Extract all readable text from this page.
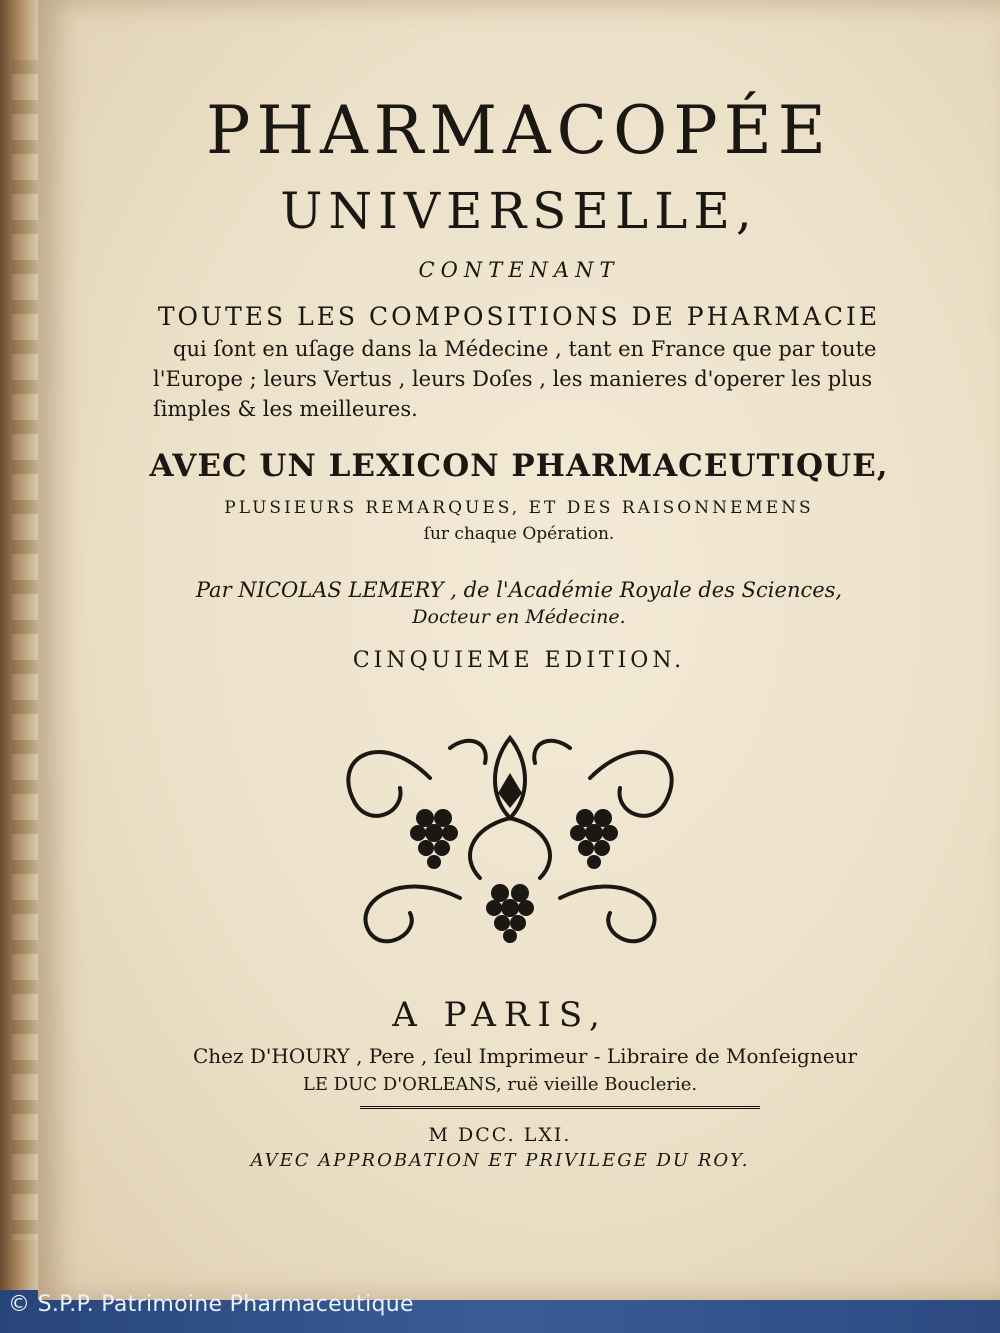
PHARMACOPÉE
UNIVERSELLE,
CONTENANT
TOUTES LES COMPOSITIONS DE PHARMACIE
qui ſont en uſage dans la Médecine , tant en France que par toute
l'Europe ; leurs Vertus , leurs Doſes , les manieres d'operer les plus
ſimples & les meilleures.
AVEC UN LEXICON PHARMACEUTIQUE,
PLUSIEURS REMARQUES, ET DES RAISONNEMENS
ſur chaque Opération.
Par NICOLAS LEMERY , de l'Académie Royale des Sciences,
Docteur en Médecine.
CINQUIEME EDITION.
A PARIS,
Chez D'HOURY , Pere , ſeul Imprimeur - Libraire de Monſeigneur
LE DUC D'ORLEANS, ruë vieille Bouclerie.
M DCC. LXI.
AVEC APPROBATION ET PRIVILEGE DU ROY.
© S.P.P. Patrimoine Pharmaceutique
